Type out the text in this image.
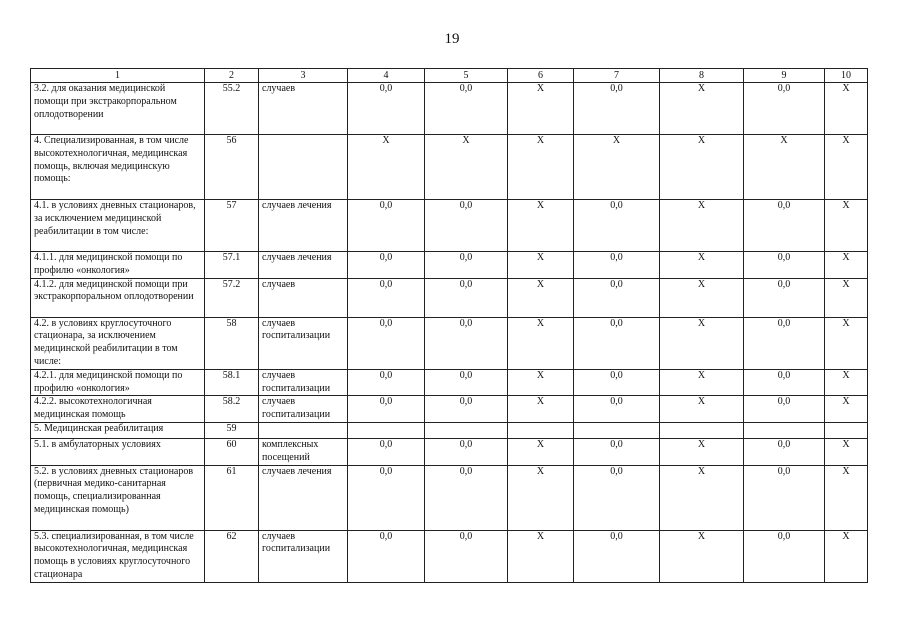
19
1	2	3	4	5	6	7	8	9	10
3.2. для оказания медицинской помощи при экстракорпоральном оплодотворении	55.2	случаев	0,0	0,0	Х	0,0	Х	0,0	Х
4. Специализированная, в том числе высокотехнологичная, медицинская помощь, включая медицинскую помощь:	56		Х	Х	Х	Х	Х	Х	Х
4.1. в условиях дневных стационаров, за исключением медицинской реабилитации в том числе:	57	случаев лечения	0,0	0,0	Х	0,0	Х	0,0	Х
4.1.1. для медицинской помощи по профилю «онкология»	57.1	случаев лечения	0,0	0,0	Х	0,0	Х	0,0	Х
4.1.2. для медицинской помощи при экстракорпоральном оплодотворении	57.2	случаев	0,0	0,0	Х	0,0	Х	0,0	Х
4.2. в условиях круглосуточного стационара, за исключением медицинской реабилитации в том числе:	58	случаев госпитализации	0,0	0,0	Х	0,0	Х	0,0	Х
4.2.1. для медицинской помощи по профилю «онкология»	58.1	случаев госпитализации	0,0	0,0	Х	0,0	Х	0,0	Х
4.2.2. высокотехнологичная медицинская помощь	58.2	случаев госпитализации	0,0	0,0	Х	0,0	Х	0,0	Х
5. Медицинская реабилитация	59								
5.1. в амбулаторных условиях	60	комплексных посещений	0,0	0,0	Х	0,0	Х	0,0	Х
5.2. в условиях дневных стационаров (первичная медико-санитарная помощь, специализированная медицинская помощь)	61	случаев лечения	0,0	0,0	Х	0,0	Х	0,0	Х
5.3. специализированная, в том числе высокотехнологичная, медицинская помощь в условиях круглосуточного стационара	62	случаев госпитализации	0,0	0,0	Х	0,0	Х	0,0	Х
